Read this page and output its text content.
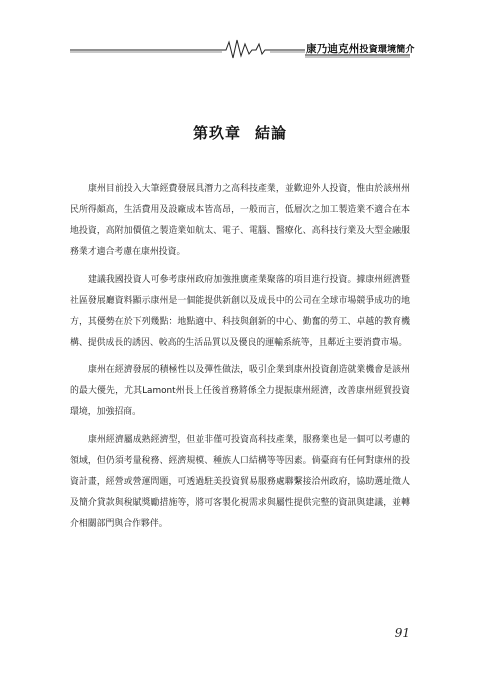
康乃迪克州投資環境簡介
第玖章 結論

康州目前投入大筆經費發展具潛力之高科技產業，並歡迎外人投資，惟由於該州州民所得頗高，生活費用及設廠成本皆高昂，一般而言，低層次之加工製造業不適合在本地投資，高附加價值之製造業如航太、電子、電腦、醫療化、高科技行業及大型金融服務業才適合考慮在康州投資。

建議我國投資人可參考康州政府加強推廣產業聚落的項目進行投資。據康州經濟暨社區發展廳資料顯示康州是一個能提供新創以及成長中的公司在全球市場競爭成功的地方，其優勢在於下列幾點：地點適中、科技與創新的中心、勤奮的勞工、卓越的教育機構、提供成長的誘因、較高的生活品質以及優良的運輸系統等，且鄰近主要消費市場。

康州在經濟發展的積極性以及彈性做法，吸引企業到康州投資創造就業機會是該州的最大優先，尤其Lamont州長上任後首務將係全力提振康州經濟，改善康州經貿投資環境，加強招商。

康州經濟屬成熟經濟型，但並非僅可投資高科技產業，服務業也是一個可以考慮的領域，但仍須考量稅務、經濟規模、種族人口結構等等因素。倘臺商有任何對康州的投資計畫，經營或營運問題，可透過駐美投資貿易服務處聯繫接洽州政府，協助選址徵人及簡介貸款與稅賦獎勵措施等，將可客製化視需求與屬性提供完整的資訊與建議，並轉介相關部門與合作夥伴。

91
